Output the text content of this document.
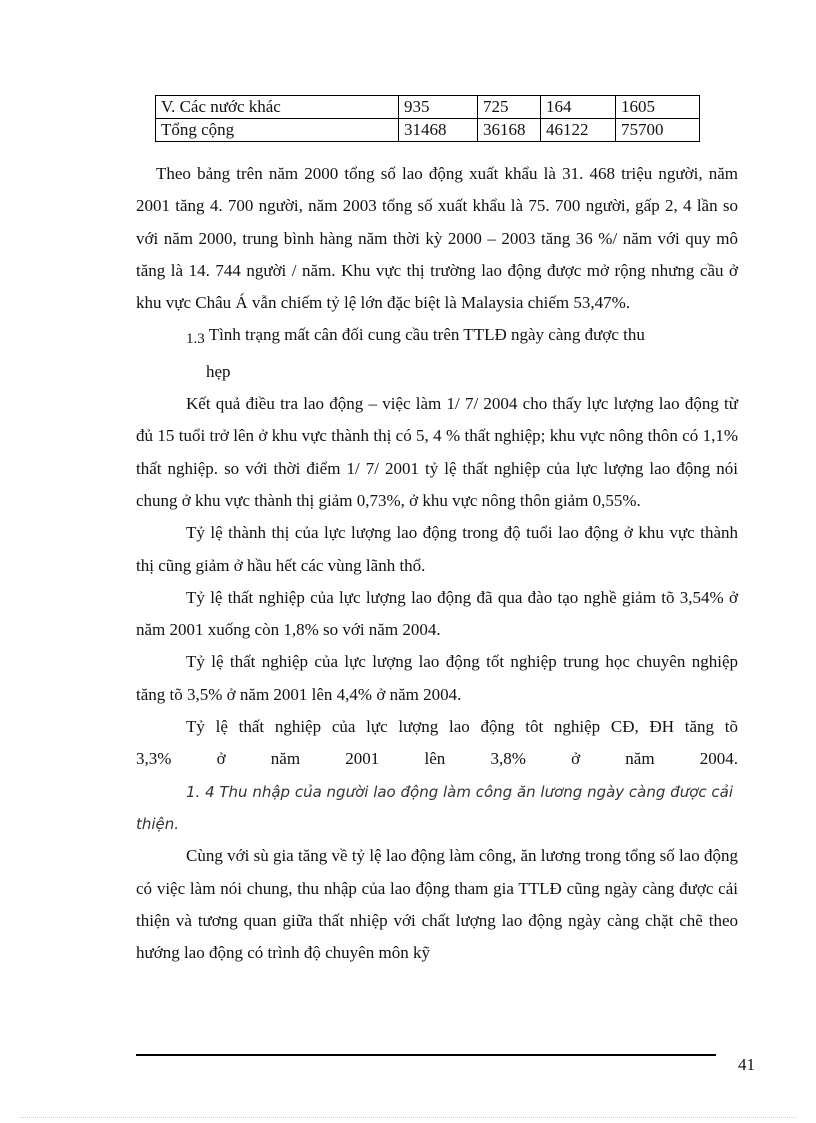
V. Các nước khác	935	725	164	1605
Tổng cộng	31468	36168	46122	75700

Theo bảng trên năm 2000 tổng số lao động xuất khẩu là 31. 468 triệu người, năm 2001 tăng 4. 700 người, năm 2003 tổng số xuất khẩu là 75. 700 người, gấp 2, 4 lần so với năm 2000, trung bình hàng năm thời kỳ 2000 – 2003 tăng 36 %/ năm với quy mô tăng là 14. 744 người / năm. Khu vực thị trường lao động được mở rộng nhưng cầu ở khu vực Châu Á vẫn chiếm tỷ lệ lớn đặc biệt là Malaysia chiếm 53,47%.

1.3 Tình trạng mất cân đối cung cầu trên TTLĐ ngày càng được thu
hẹp

Kết quả điều tra lao động – việc làm 1/ 7/ 2004 cho thấy lực lượng lao động từ đủ 15 tuổi trở lên ở khu vực thành thị có 5, 4 % thất nghiệp; khu vực nông thôn có 1,1% thất nghiệp. so với thời điểm 1/ 7/ 2001 tỷ lệ thất nghiệp của lực lượng lao động nói chung ở khu vực thành thị giảm 0,73%, ở khu vực nông thôn giảm 0,55%.

Tỷ lệ thành thị của lực lượng lao động trong độ tuổi lao động ở khu vực thành thị cũng giảm ở hầu hết các vùng lãnh thổ.

Tỷ lệ thất nghiệp của lực lượng lao động đã qua đào tạo nghề giảm tõ 3,54% ở năm 2001 xuống còn 1,8% so với năm 2004.

Tỷ lệ thất nghiệp của lực lượng lao động tốt nghiệp trung học chuyên nghiệp tăng tõ 3,5% ở năm 2001 lên 4,4% ở năm 2004.

Tỷ lệ thất nghiệp của lực lượng lao động tôt nghiệp CĐ, ĐH tăng tõ

3,3% ở năm 2001 lên 3,8% ở năm 2004.

1. 4 Thu nhập của người lao động làm công ăn lương ngày càng được cải thiện.

Cùng với sù gia tăng về tỷ lệ lao động làm công, ăn lương trong tổng số lao động có việc làm nói chung, thu nhập của lao động tham gia TTLĐ cũng ngày càng được cải thiện và tương quan giữa thất nhiệp với chất lượng lao động ngày càng chặt chẽ theo hướng lao động có trình độ chuyên môn kỹ

41
